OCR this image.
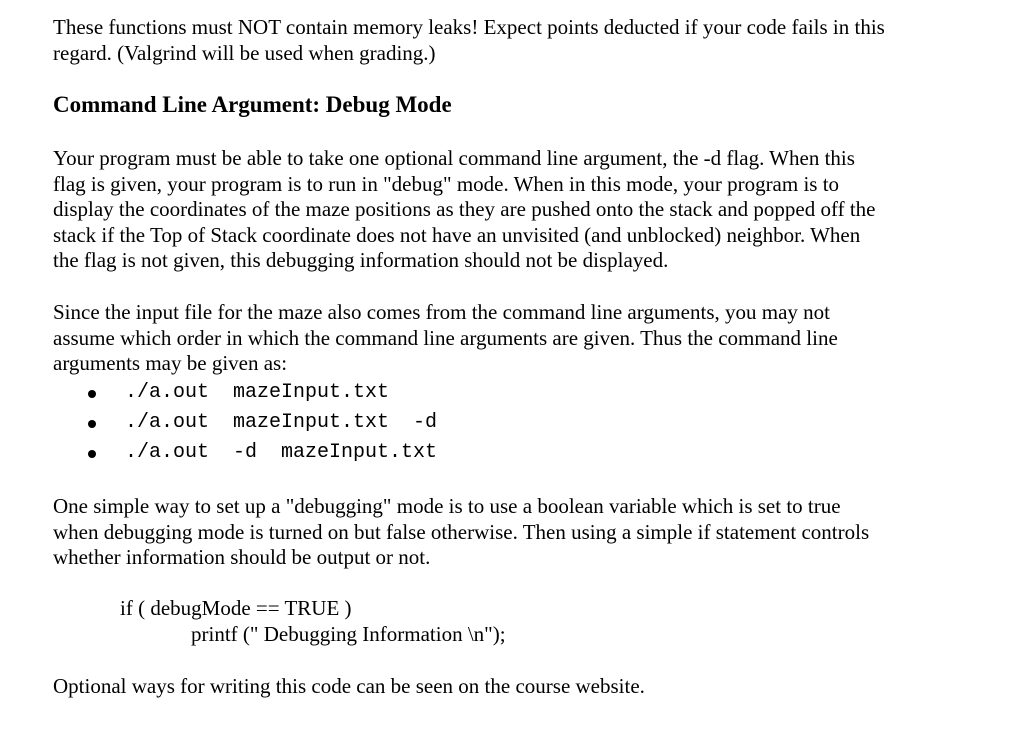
These functions must NOT contain memory leaks! Expect points deducted if your code fails in this
regard. (Valgrind will be used when grading.)

Command Line Argument: Debug Mode

Your program must be able to take one optional command line argument, the -d flag. When this
flag is given, your program is to run in "debug" mode. When in this mode, your program is to
display the coordinates of the maze positions as they are pushed onto the stack and popped off the
stack if the Top of Stack coordinate does not have an unvisited (and unblocked) neighbor. When
the flag is not given, this debugging information should not be displayed.

Since the input file for the maze also comes from the command line arguments, you may not
assume which order in which the command line arguments are given. Thus the command line
arguments may be given as:

./a.out  mazeInput.txt

./a.out  mazeInput.txt  -d

./a.out  -d  mazeInput.txt

One simple way to set up a "debugging" mode is to use a boolean variable which is set to true
when debugging mode is turned on but false otherwise. Then using a simple if statement controls
whether information should be output or not.

if ( debugMode == TRUE )
printf (" Debugging Information \n");

Optional ways for writing this code can be seen on the course website.
